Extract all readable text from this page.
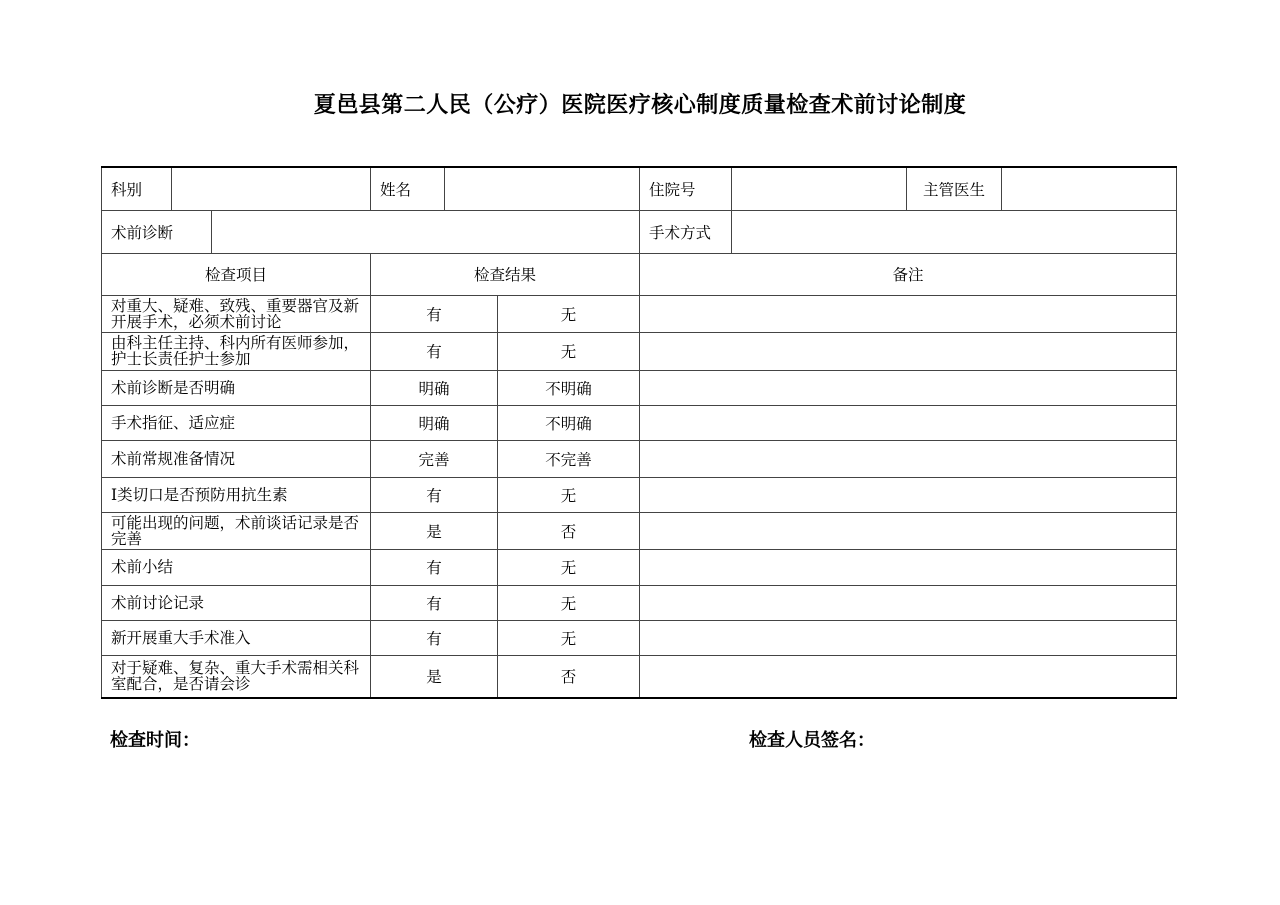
夏邑县第二人民（公疗）医院医疗核心制度质量检查术前讨论制度
科别			姓名			住院号		主管医生	
术前诊断						手术方式			
检查项目			检查结果			备注			
对重大、疑难、致残、重要器官及新开展手术，必须术前讨论			有		无				
由科主任主持、科内所有医师参加，护士长责任护士参加			有		无				
术前诊断是否明确			明确		不明确				
手术指征、适应症			明确		不明确				
术前常规准备情况			完善		不完善				
I类切口是否预防用抗生素			有		无				
可能出现的问题，术前谈话记录是否完善			是		否				
术前小结			有		无				
术前讨论记录			有		无				
新开展重大手术准入			有		无				
对于疑难、复杂、重大手术需相关科室配合，是否请会诊			是		否				
检查时间：	检查人员签名：
